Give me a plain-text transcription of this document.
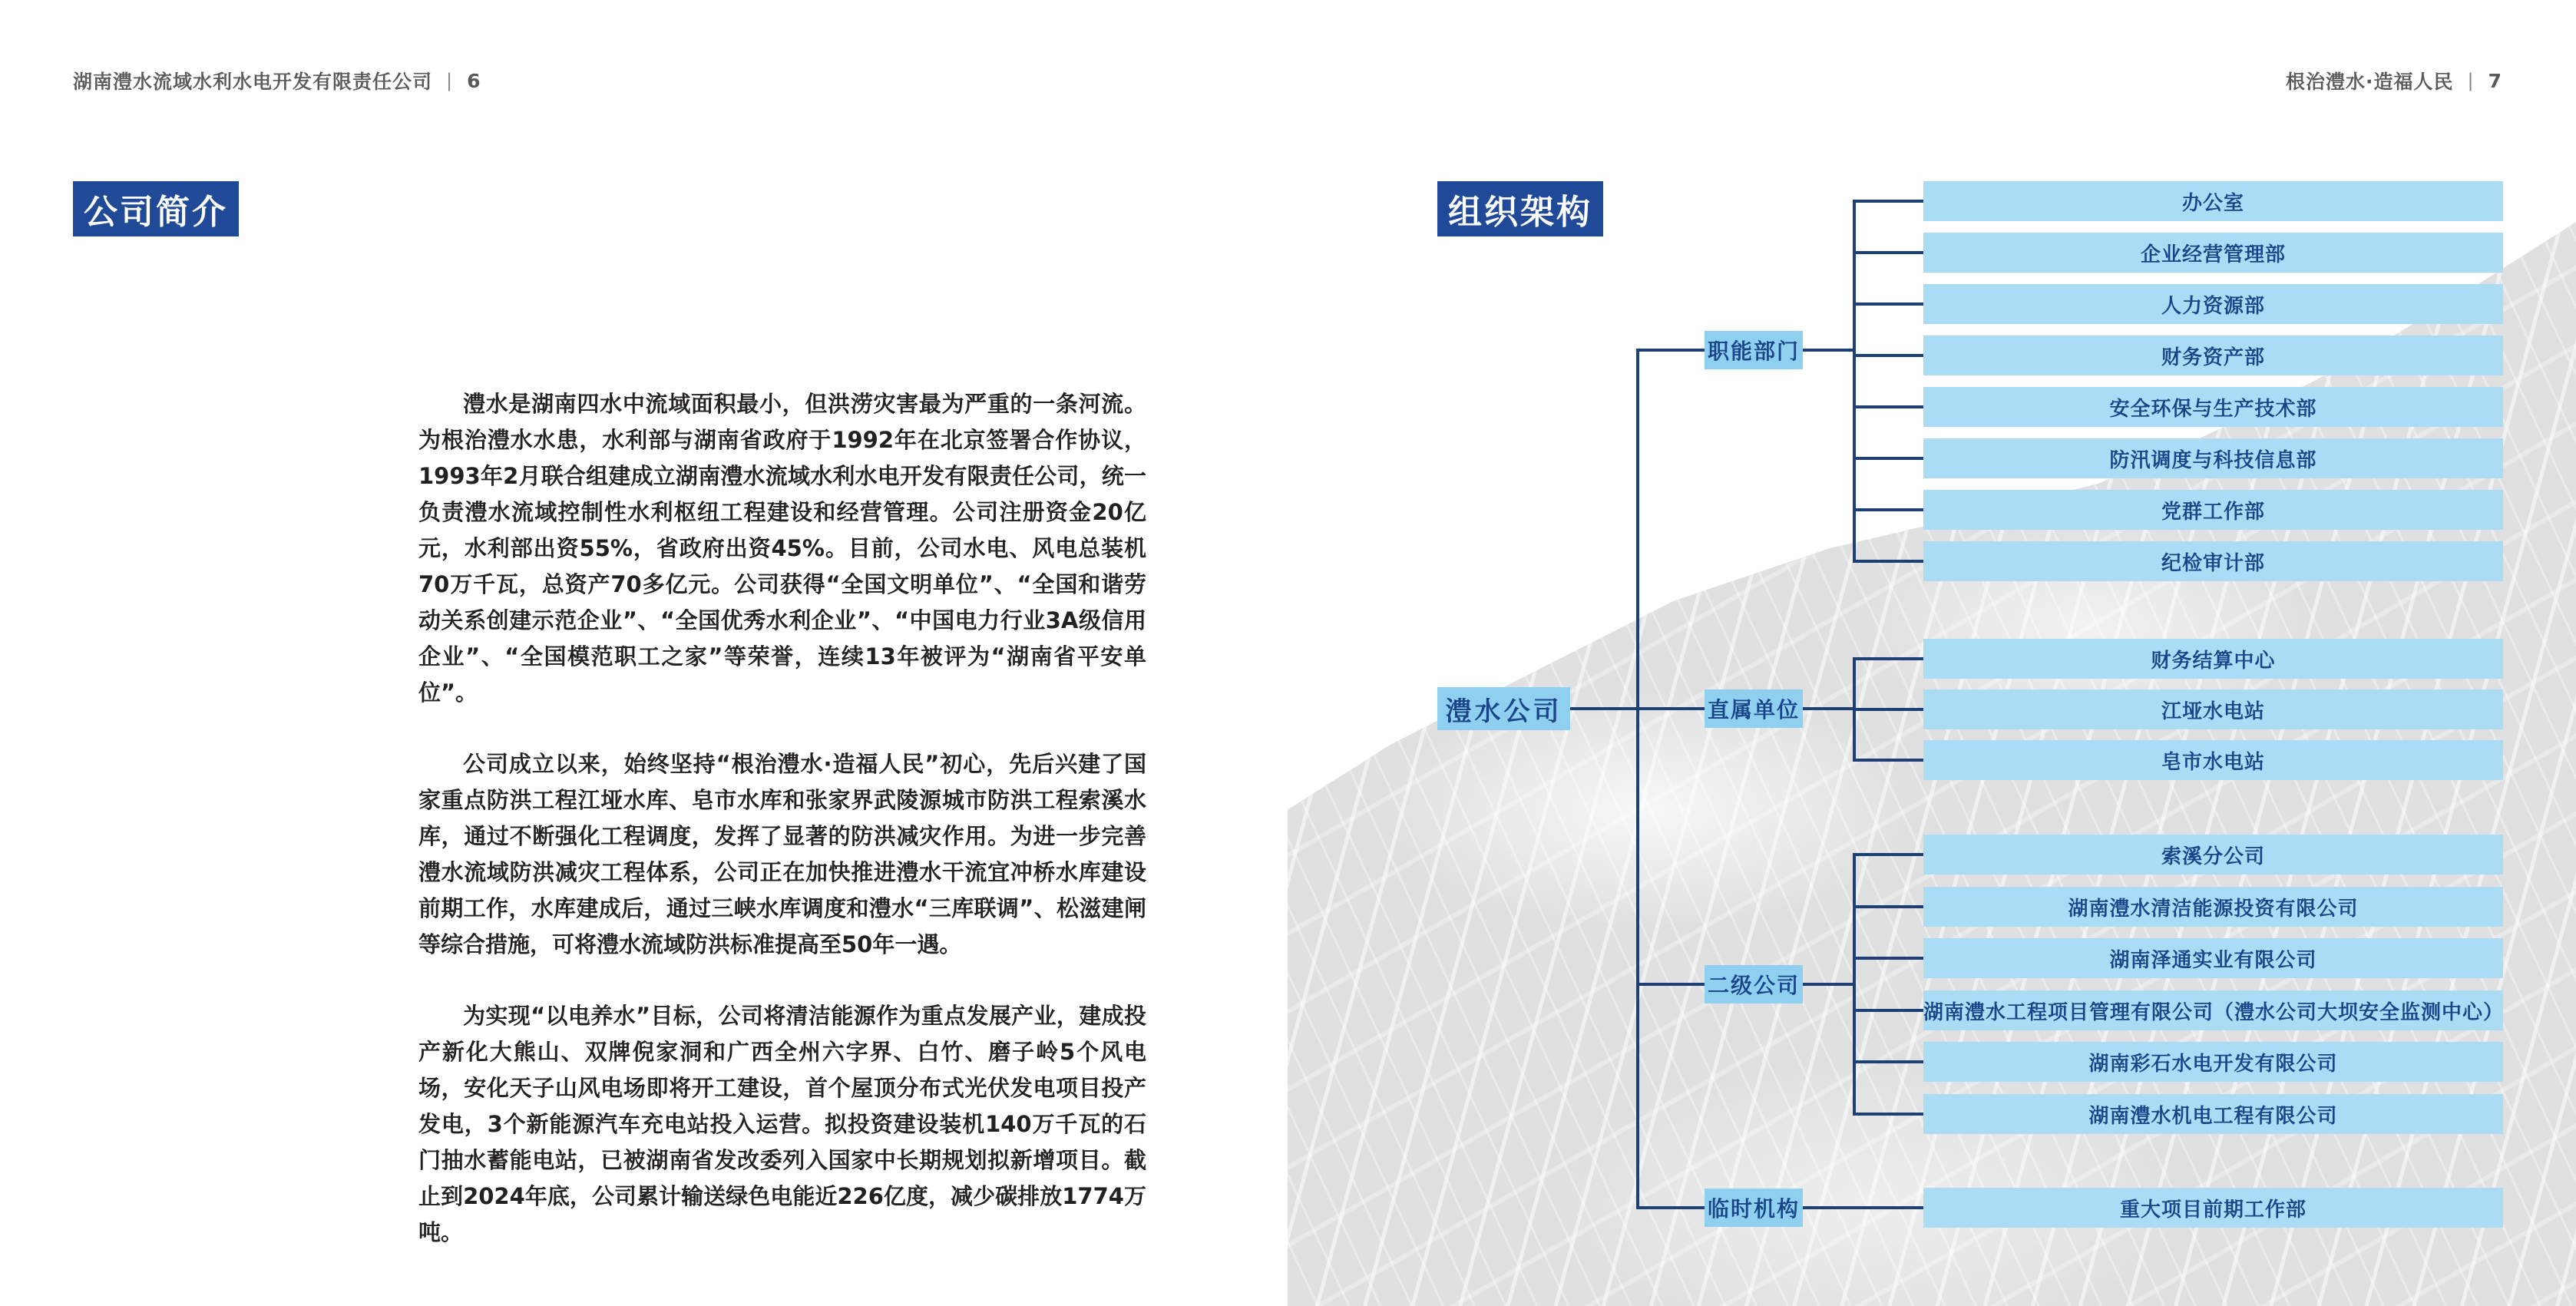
湖南澧水流域水利水电开发有限责任公司 | 6	根治澧水·造福人民 | 7
公司简介

澧水是湖南四水中流域面积最小，但洪涝灾害最为严重的一条河流。为根治澧水水患，水利部与湖南省政府于1992年在北京签署合作协议，1993年2月联合组建成立湖南澧水流域水利水电开发有限责任公司，统一负责澧水流域控制性水利枢纽工程建设和经营管理。公司注册资金20亿元，水利部出资55%，省政府出资45%。目前，公司水电、风电总装机70万千瓦，总资产70多亿元。公司获得“全国文明单位”、“全国和谐劳动关系创建示范企业”、“全国优秀水利企业”、“中国电力行业3A级信用企业”、“全国模范职工之家”等荣誉，连续13年被评为“湖南省平安单位”。

公司成立以来，始终坚持“根治澧水·造福人民”初心，先后兴建了国家重点防洪工程江垭水库、皂市水库和张家界武陵源城市防洪工程索溪水库，通过不断强化工程调度，发挥了显著的防洪减灾作用。为进一步完善澧水流域防洪减灾工程体系，公司正在加快推进澧水干流宜冲桥水库建设前期工作，水库建成后，通过三峡水库调度和澧水“三库联调”、松滋建闸等综合措施，可将澧水流域防洪标准提高至50年一遇。

为实现“以电养水”目标，公司将清洁能源作为重点发展产业，建成投产新化大熊山、双牌倪家洞和广西全州六字界、白竹、磨子岭5个风电场，安化天子山风电场即将开工建设，首个屋顶分布式光伏发电项目投产发电，3个新能源汽车充电站投入运营。拟投资建设装机140万千瓦的石门抽水蓄能电站，已被湖南省发改委列入国家中长期规划拟新增项目。截止到2024年底，公司累计输送绿色电能近226亿度，减少碳排放1774万吨。

组织架构
职能部门
办公室
企业经营管理部
人力资源部
财务资产部
安全环保与生产技术部
防汛调度与科技信息部
党群工作部
纪检审计部
直属单位
财务结算中心
江垭水电站
皂市水电站
二级公司
索溪分公司
湖南澧水清洁能源投资有限公司
湖南泽通实业有限公司
湖南澧水工程项目管理有限公司（澧水公司大坝安全监测中心）
湖南彩石水电开发有限公司
湖南澧水机电工程有限公司
临时机构	重大项目前期工作部
澧水公司
